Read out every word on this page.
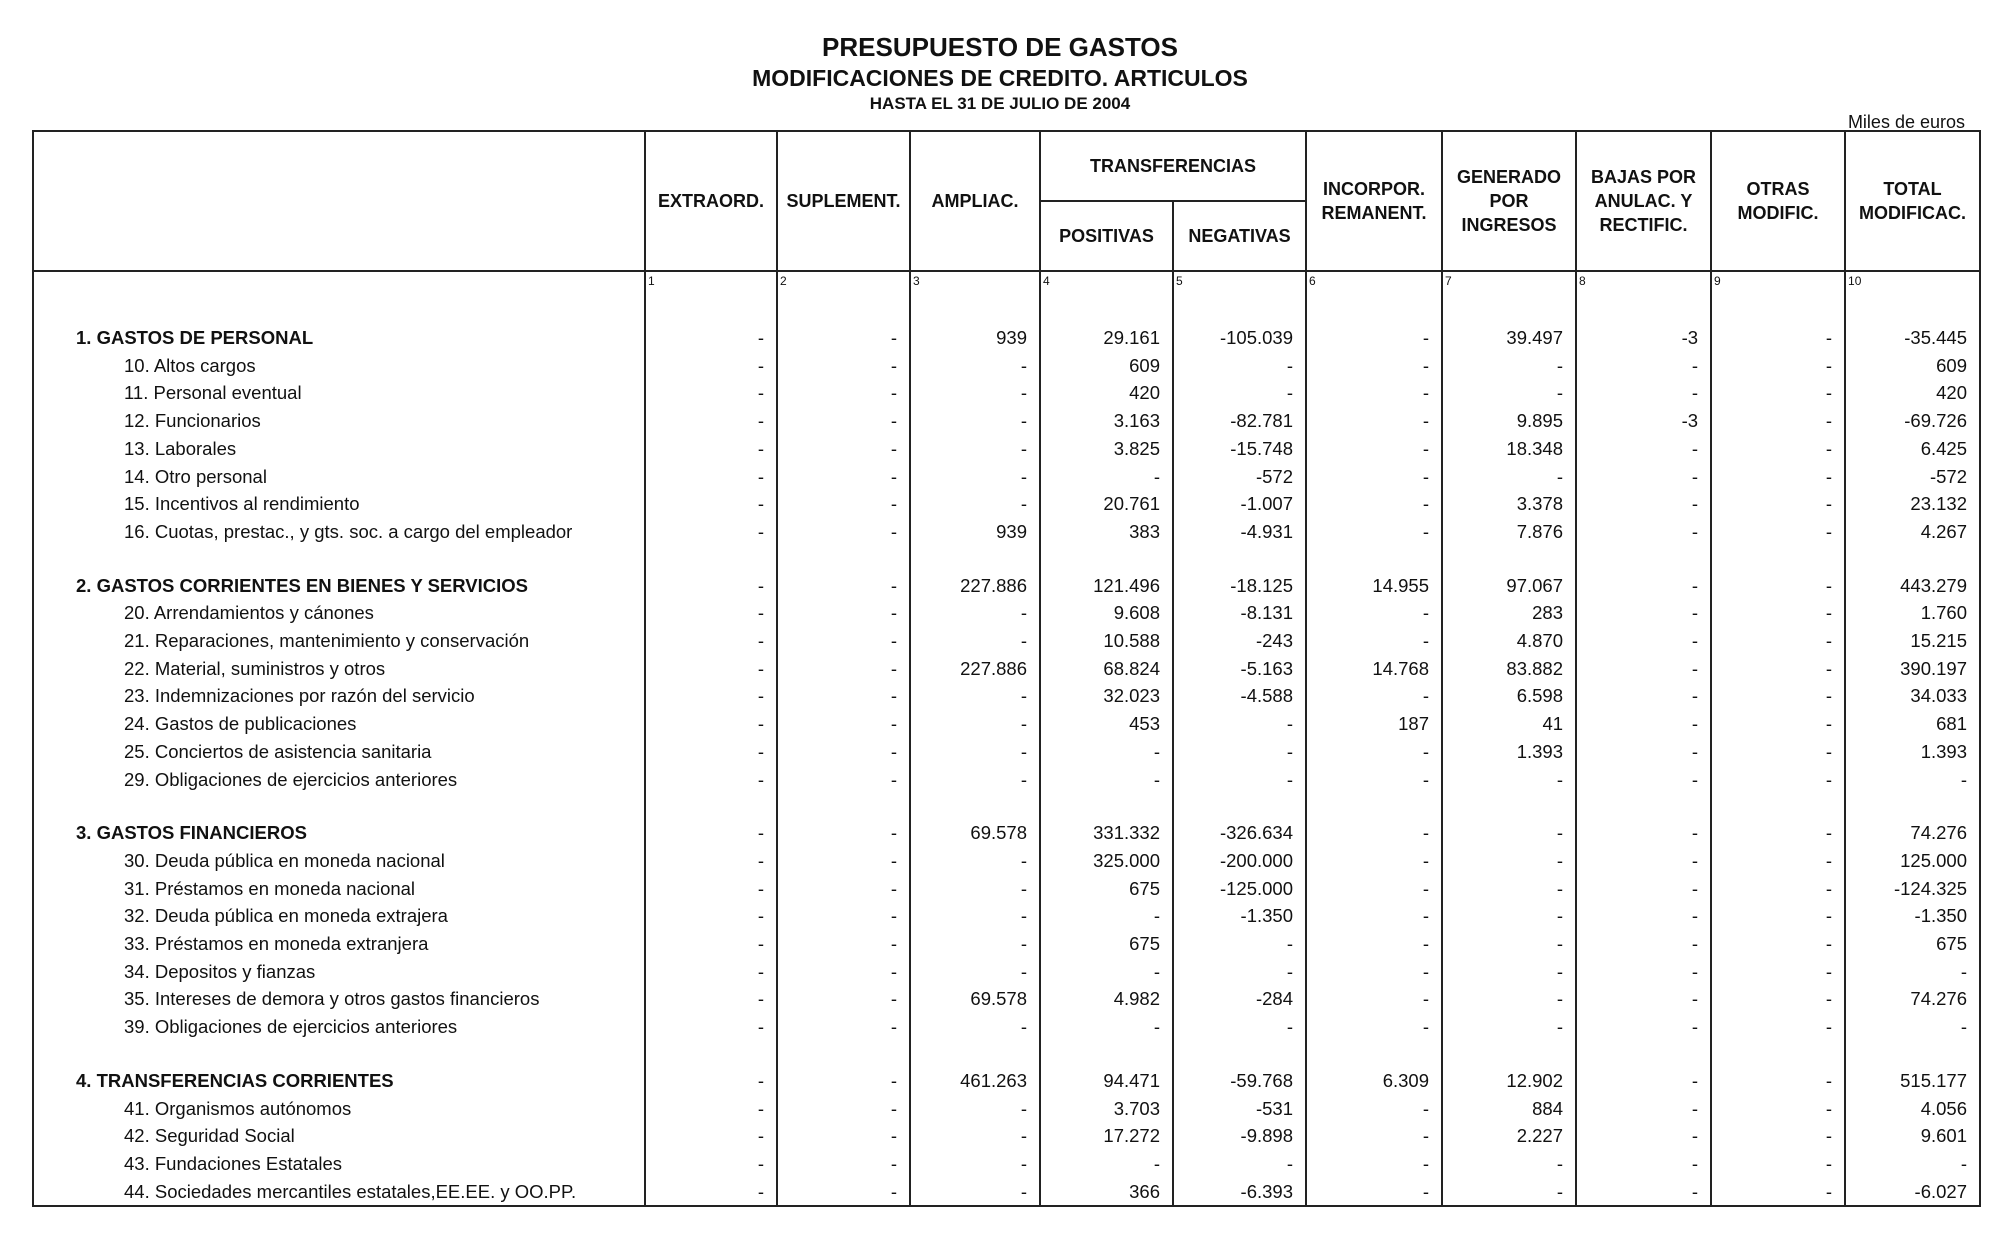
PRESUPUESTO DE GASTOS
MODIFICACIONES DE CREDITO. ARTICULOS
HASTA EL 31 DE JULIO DE 2004
Miles de euros
	EXTRAORD.	SUPLEMENT.	AMPLIAC.	TRANSFERENCIAS		INCORPOR. REMANENT.	GENERADO POR INGRESOS	BAJAS POR ANULAC. Y RECTIFIC.	OTRAS MODIFIC.	TOTAL MODIFICAC.
				POSITIVAS	NEGATIVAS					
	1	2	3	4	5	6	7	8	9	10

1. GASTOS DE PERSONAL	-	-	939	29.161	-105.039	-	39.497	-3	-	-35.445
10. Altos cargos	-	-	-	609	-	-	-	-	-	609
11. Personal eventual	-	-	-	420	-	-	-	-	-	420
12. Funcionarios	-	-	-	3.163	-82.781	-	9.895	-3	-	-69.726
13. Laborales	-	-	-	3.825	-15.748	-	18.348	-	-	6.425
14. Otro personal	-	-	-	-	-572	-	-	-	-	-572
15. Incentivos al rendimiento	-	-	-	20.761	-1.007	-	3.378	-	-	23.132
16. Cuotas, prestac., y gts. soc. a cargo del empleador	-	-	939	383	-4.931	-	7.876	-	-	4.267

2. GASTOS CORRIENTES EN BIENES Y SERVICIOS	-	-	227.886	121.496	-18.125	14.955	97.067	-	-	443.279
20. Arrendamientos y cánones	-	-	-	9.608	-8.131	-	283	-	-	1.760
21. Reparaciones, mantenimiento y conservación	-	-	-	10.588	-243	-	4.870	-	-	15.215
22. Material, suministros y otros	-	-	227.886	68.824	-5.163	14.768	83.882	-	-	390.197
23. Indemnizaciones por razón del servicio	-	-	-	32.023	-4.588	-	6.598	-	-	34.033
24. Gastos de publicaciones	-	-	-	453	-	187	41	-	-	681
25. Conciertos de asistencia sanitaria	-	-	-	-	-	-	1.393	-	-	1.393
29. Obligaciones de ejercicios anteriores	-	-	-	-	-	-	-	-	-	-

3. GASTOS FINANCIEROS	-	-	69.578	331.332	-326.634	-	-	-	-	74.276
30. Deuda pública en moneda nacional	-	-	-	325.000	-200.000	-	-	-	-	125.000
31. Préstamos en moneda nacional	-	-	-	675	-125.000	-	-	-	-	-124.325
32. Deuda pública en moneda extrajera	-	-	-	-	-1.350	-	-	-	-	-1.350
33. Préstamos en moneda extranjera	-	-	-	675	-	-	-	-	-	675
34. Depositos y fianzas	-	-	-	-	-	-	-	-	-	-
35. Intereses de demora y otros gastos financieros	-	-	69.578	4.982	-284	-	-	-	-	74.276
39. Obligaciones de ejercicios anteriores	-	-	-	-	-	-	-	-	-	-

4. TRANSFERENCIAS CORRIENTES	-	-	461.263	94.471	-59.768	6.309	12.902	-	-	515.177
41. Organismos autónomos	-	-	-	3.703	-531	-	884	-	-	4.056
42. Seguridad Social	-	-	-	17.272	-9.898	-	2.227	-	-	9.601
43. Fundaciones Estatales	-	-	-	-	-	-	-	-	-	-
44. Sociedades mercantiles estatales,EE.EE. y OO.PP.	-	-	-	366	-6.393	-	-	-	-	-6.027
